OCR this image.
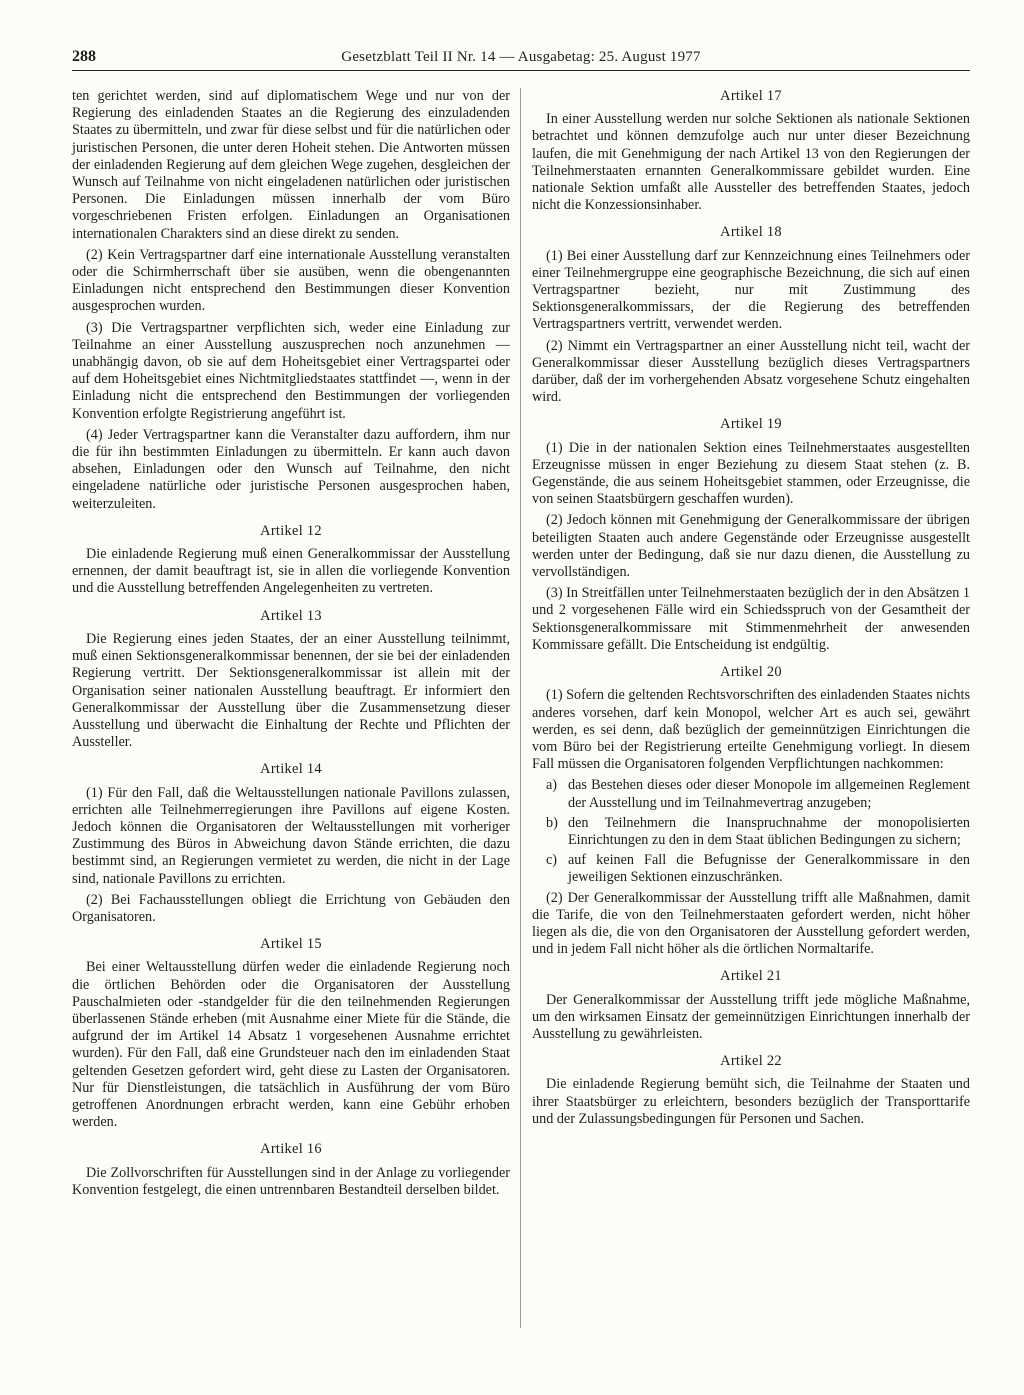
288	Gesetzblatt Teil II Nr. 14 — Ausgabetag: 25. August 1977

ten gerichtet werden, sind auf diplomatischem Wege und nur von der Regierung des einladenden Staates an die Regierung des einzuladenden Staates zu übermitteln, und zwar für diese selbst und für die natürlichen oder juristischen Personen, die unter deren Hoheit stehen. Die Antworten müssen der einladenden Regierung auf dem gleichen Wege zugehen, desgleichen der Wunsch auf Teilnahme von nicht eingeladenen natürlichen oder juristischen Personen. Die Einladungen müssen innerhalb der vom Büro vorgeschriebenen Fristen erfolgen. Einladungen an Organisationen internationalen Charakters sind an diese direkt zu senden.

(2) Kein Vertragspartner darf eine internationale Ausstellung veranstalten oder die Schirmherrschaft über sie ausüben, wenn die obengenannten Einladungen nicht entsprechend den Bestimmungen dieser Konvention ausgesprochen wurden.

(3) Die Vertragspartner verpflichten sich, weder eine Einladung zur Teilnahme an einer Ausstellung auszusprechen noch anzunehmen — unabhängig davon, ob sie auf dem Hoheitsgebiet einer Vertragspartei oder auf dem Hoheitsgebiet eines Nichtmitgliedstaates stattfindet —, wenn in der Einladung nicht die entsprechend den Bestimmungen der vorliegenden Konvention erfolgte Registrierung angeführt ist.

(4) Jeder Vertragspartner kann die Veranstalter dazu auffordern, ihm nur die für ihn bestimmten Einladungen zu übermitteln. Er kann auch davon absehen, Einladungen oder den Wunsch auf Teilnahme, den nicht eingeladene natürliche oder juristische Personen ausgesprochen haben, weiterzuleiten.

Artikel 12

Die einladende Regierung muß einen Generalkommissar der Ausstellung ernennen, der damit beauftragt ist, sie in allen die vorliegende Konvention und die Ausstellung betreffenden Angelegenheiten zu vertreten.

Artikel 13

Die Regierung eines jeden Staates, der an einer Ausstellung teilnimmt, muß einen Sektionsgeneralkommissar benennen, der sie bei der einladenden Regierung vertritt. Der Sektionsgeneralkommissar ist allein mit der Organisation seiner nationalen Ausstellung beauftragt. Er informiert den Generalkommissar der Ausstellung über die Zusammensetzung dieser Ausstellung und überwacht die Einhaltung der Rechte und Pflichten der Aussteller.

Artikel 14

(1) Für den Fall, daß die Weltausstellungen nationale Pavillons zulassen, errichten alle Teilnehmerregierungen ihre Pavillons auf eigene Kosten. Jedoch können die Organisatoren der Weltausstellungen mit vorheriger Zustimmung des Büros in Abweichung davon Stände errichten, die dazu bestimmt sind, an Regierungen vermietet zu werden, die nicht in der Lage sind, nationale Pavillons zu errichten.

(2) Bei Fachausstellungen obliegt die Errichtung von Gebäuden den Organisatoren.

Artikel 15

Bei einer Weltausstellung dürfen weder die einladende Regierung noch die örtlichen Behörden oder die Organisatoren der Ausstellung Pauschalmieten oder -standgelder für die den teilnehmenden Regierungen überlassenen Stände erheben (mit Ausnahme einer Miete für die Stände, die aufgrund der im Artikel 14 Absatz 1 vorgesehenen Ausnahme errichtet wurden). Für den Fall, daß eine Grundsteuer nach den im einladenden Staat geltenden Gesetzen gefordert wird, geht diese zu Lasten der Organisatoren. Nur für Dienstleistungen, die tatsächlich in Ausführung der vom Büro getroffenen Anordnungen erbracht werden, kann eine Gebühr erhoben werden.

Artikel 16

Die Zollvorschriften für Ausstellungen sind in der Anlage zu vorliegender Konvention festgelegt, die einen untrennbaren Bestandteil derselben bildet.

Artikel 17

In einer Ausstellung werden nur solche Sektionen als nationale Sektionen betrachtet und können demzufolge auch nur unter dieser Bezeichnung laufen, die mit Genehmigung der nach Artikel 13 von den Regierungen der Teilnehmerstaaten ernannten Generalkommissare gebildet wurden. Eine nationale Sektion umfaßt alle Aussteller des betreffenden Staates, jedoch nicht die Konzessionsinhaber.

Artikel 18

(1) Bei einer Ausstellung darf zur Kennzeichnung eines Teilnehmers oder einer Teilnehmergruppe eine geographische Bezeichnung, die sich auf einen Vertragspartner bezieht, nur mit Zustimmung des Sektionsgeneralkommissars, der die Regierung des betreffenden Vertragspartners vertritt, verwendet werden.

(2) Nimmt ein Vertragspartner an einer Ausstellung nicht teil, wacht der Generalkommissar dieser Ausstellung bezüglich dieses Vertragspartners darüber, daß der im vorhergehenden Absatz vorgesehene Schutz eingehalten wird.

Artikel 19

(1) Die in der nationalen Sektion eines Teilnehmerstaates ausgestellten Erzeugnisse müssen in enger Beziehung zu diesem Staat stehen (z. B. Gegenstände, die aus seinem Hoheitsgebiet stammen, oder Erzeugnisse, die von seinen Staatsbürgern geschaffen wurden).

(2) Jedoch können mit Genehmigung der Generalkommissare der übrigen beteiligten Staaten auch andere Gegenstände oder Erzeugnisse ausgestellt werden unter der Bedingung, daß sie nur dazu dienen, die Ausstellung zu vervollständigen.

(3) In Streitfällen unter Teilnehmerstaaten bezüglich der in den Absätzen 1 und 2 vorgesehenen Fälle wird ein Schiedsspruch von der Gesamtheit der Sektionsgeneralkommissare mit Stimmenmehrheit der anwesenden Kommissare gefällt. Die Entscheidung ist endgültig.

Artikel 20

(1) Sofern die geltenden Rechtsvorschriften des einladenden Staates nichts anderes vorsehen, darf kein Monopol, welcher Art es auch sei, gewährt werden, es sei denn, daß bezüglich der gemeinnützigen Einrichtungen die vom Büro bei der Registrierung erteilte Genehmigung vorliegt. In diesem Fall müssen die Organisatoren folgenden Verpflichtungen nachkommen:

a) das Bestehen dieses oder dieser Monopole im allgemeinen Reglement der Ausstellung und im Teilnahmevertrag anzugeben;
b) den Teilnehmern die Inanspruchnahme der monopolisierten Einrichtungen zu den in dem Staat üblichen Bedingungen zu sichern;
c) auf keinen Fall die Befugnisse der Generalkommissare in den jeweiligen Sektionen einzuschränken.

(2) Der Generalkommissar der Ausstellung trifft alle Maßnahmen, damit die Tarife, die von den Teilnehmerstaaten gefordert werden, nicht höher liegen als die, die von den Organisatoren der Ausstellung gefordert werden, und in jedem Fall nicht höher als die örtlichen Normaltarife.

Artikel 21

Der Generalkommissar der Ausstellung trifft jede mögliche Maßnahme, um den wirksamen Einsatz der gemeinnützigen Einrichtungen innerhalb der Ausstellung zu gewährleisten.

Artikel 22

Die einladende Regierung bemüht sich, die Teilnahme der Staaten und ihrer Staatsbürger zu erleichtern, besonders bezüglich der Transporttarife und der Zulassungsbedingungen für Personen und Sachen.
